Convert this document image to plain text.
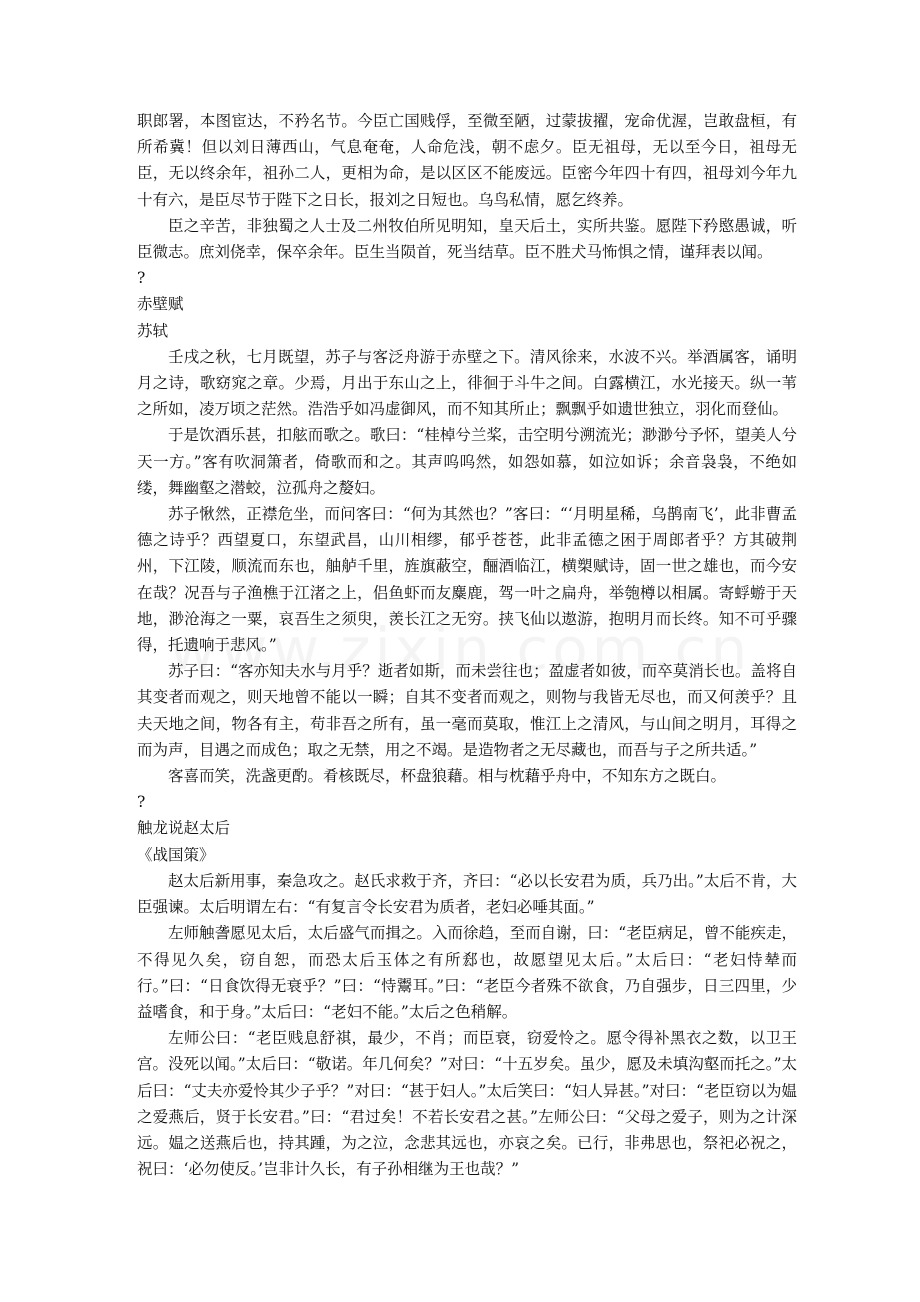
职郎署，本图宦达，不矜名节。今臣亡国贱俘，至微至陋，过蒙拔擢，宠命优渥，岂敢盘桓，有所希冀！但以刘日薄西山，气息奄奄，人命危浅，朝不虑夕。臣无祖母，无以至今日，祖母无臣，无以终余年，祖孙二人，更相为命，是以区区不能废远。臣密今年四十有四，祖母刘今年九十有六，是臣尽节于陛下之日长，报刘之日短也。乌鸟私情，愿乞终养。

臣之辛苦，非独蜀之人士及二州牧伯所见明知，皇天后土，实所共鉴。愿陛下矜愍愚诚，听臣微志。庶刘侥幸，保卒余年。臣生当陨首，死当结草。臣不胜犬马怖惧之情，谨拜表以闻。

?

赤壁赋

苏轼

壬戌之秋，七月既望，苏子与客泛舟游于赤壁之下。清风徐来，水波不兴。举酒属客，诵明月之诗，歌窈窕之章。少焉，月出于东山之上，徘徊于斗牛之间。白露横江，水光接天。纵一苇之所如，凌万顷之茫然。浩浩乎如冯虚御风，而不知其所止；飘飘乎如遗世独立，羽化而登仙。

于是饮酒乐甚，扣舷而歌之。歌曰：“桂棹兮兰桨，击空明兮溯流光；渺渺兮予怀，望美人兮天一方。”客有吹洞箫者，倚歌而和之。其声呜呜然，如怨如慕，如泣如诉；余音袅袅，不绝如缕，舞幽壑之潜蛟，泣孤舟之嫠妇。

苏子愀然，正襟危坐，而问客曰：“何为其然也？”客曰：“‘月明星稀，乌鹊南飞’，此非曹孟德之诗乎？西望夏口，东望武昌，山川相缪，郁乎苍苍，此非孟德之困于周郎者乎？方其破荆州，下江陵，顺流而东也，舳舻千里，旌旗蔽空，酾酒临江，横槊赋诗，固一世之雄也，而今安在哉？况吾与子渔樵于江渚之上，侣鱼虾而友麋鹿，驾一叶之扁舟，举匏樽以相属。寄蜉蝣于天地，渺沧海之一粟，哀吾生之须臾，羡长江之无穷。挟飞仙以遨游，抱明月而长终。知不可乎骤得，托遗响于悲风。”

苏子曰：“客亦知夫水与月乎？逝者如斯，而未尝往也；盈虚者如彼，而卒莫消长也。盖将自其变者而观之，则天地曾不能以一瞬；自其不变者而观之，则物与我皆无尽也，而又何羡乎？且夫天地之间，物各有主，苟非吾之所有，虽一毫而莫取，惟江上之清风，与山间之明月，耳得之而为声，目遇之而成色；取之无禁，用之不竭。是造物者之无尽藏也，而吾与子之所共适。”

客喜而笑，洗盏更酌。肴核既尽，杯盘狼藉。相与枕藉乎舟中，不知东方之既白。

?

触龙说赵太后

《战国策》

赵太后新用事，秦急攻之。赵氏求救于齐，齐曰：“必以长安君为质，兵乃出。”太后不肯，大臣强谏。太后明谓左右：“有复言令长安君为质者，老妇必唾其面。”

左师触詟愿见太后，太后盛气而揖之。入而徐趋，至而自谢，曰：“老臣病足，曾不能疾走，不得见久矣，窃自恕，而恐太后玉体之有所郄也，故愿望见太后。”太后曰：“老妇恃辇而行。”曰：“日食饮得无衰乎？”曰：“恃鬻耳。”曰：“老臣今者殊不欲食，乃自强步，日三四里，少益嗜食，和于身。”太后曰：“老妇不能。”太后之色稍解。

左师公曰：“老臣贱息舒祺，最少，不肖；而臣衰，窃爱怜之。愿令得补黑衣之数，以卫王宫。没死以闻。”太后曰：“敬诺。年几何矣？”对曰：“十五岁矣。虽少，愿及未填沟壑而托之。”太后曰：“丈夫亦爱怜其少子乎？”对曰：“甚于妇人。”太后笑曰：“妇人异甚。”对曰：“老臣窃以为媪之爱燕后，贤于长安君。”曰：“君过矣！不若长安君之甚。”左师公曰：“父母之爱子，则为之计深远。媪之送燕后也，持其踵，为之泣，念悲其远也，亦哀之矣。已行，非弗思也，祭祀必祝之，祝曰：‘必勿使反。’岂非计久长，有子孙相继为王也哉？”
